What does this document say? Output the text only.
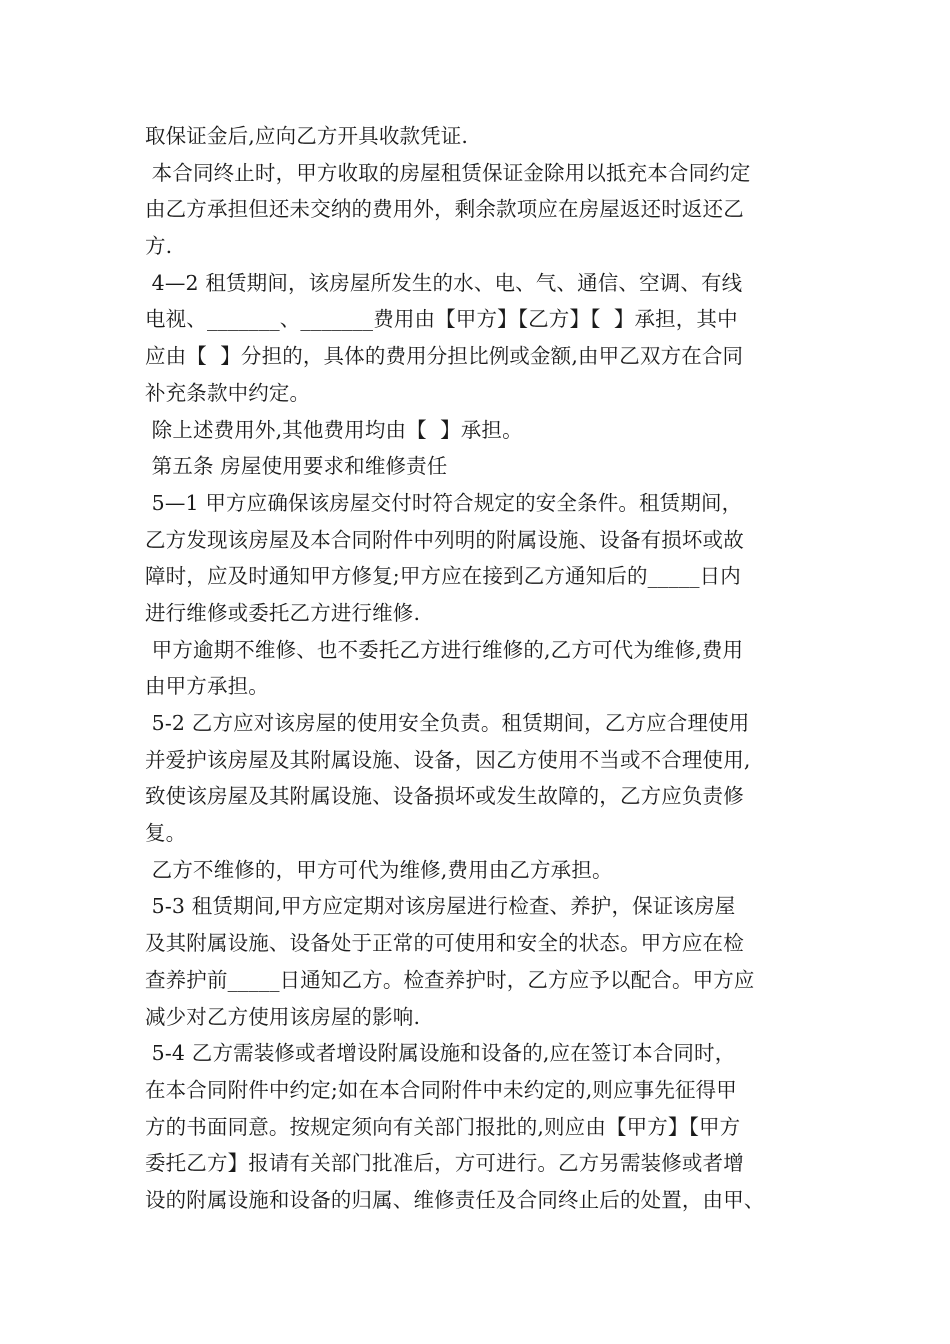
取保证金后,应向乙方开具收款凭证.
本合同终止时，甲方收取的房屋租赁保证金除用以抵充本合同约定
由乙方承担但还未交纳的费用外，剩余款项应在房屋返还时返还乙
方.
4—2 租赁期间，该房屋所发生的水、电、气、通信、空调、有线
电视、_______、_______费用由【甲方】【乙方】【  】承担，其中
应由【  】分担的，具体的费用分担比例或金额,由甲乙双方在合同
补充条款中约定。
除上述费用外,其他费用均由【  】承担。
第五条 房屋使用要求和维修责任
5—1 甲方应确保该房屋交付时符合规定的安全条件。租赁期间，
乙方发现该房屋及本合同附件中列明的附属设施、设备有损坏或故
障时，应及时通知甲方修复;甲方应在接到乙方通知后的_____日内
进行维修或委托乙方进行维修.
甲方逾期不维修、也不委托乙方进行维修的,乙方可代为维修,费用
由甲方承担。
5-2 乙方应对该房屋的使用安全负责。租赁期间，乙方应合理使用
并爱护该房屋及其附属设施、设备，因乙方使用不当或不合理使用,
致使该房屋及其附属设施、设备损坏或发生故障的，乙方应负责修
复。
乙方不维修的，甲方可代为维修,费用由乙方承担。
5-3 租赁期间,甲方应定期对该房屋进行检查、养护，保证该房屋
及其附属设施、设备处于正常的可使用和安全的状态。甲方应在检
查养护前_____日通知乙方。检查养护时，乙方应予以配合。甲方应
减少对乙方使用该房屋的影响.
5-4 乙方需装修或者增设附属设施和设备的,应在签订本合同时，
在本合同附件中约定;如在本合同附件中未约定的,则应事先征得甲
方的书面同意。按规定须向有关部门报批的,则应由【甲方】【甲方
委托乙方】报请有关部门批准后，方可进行。乙方另需装修或者增
设的附属设施和设备的归属、维修责任及合同终止后的处置，由甲、
